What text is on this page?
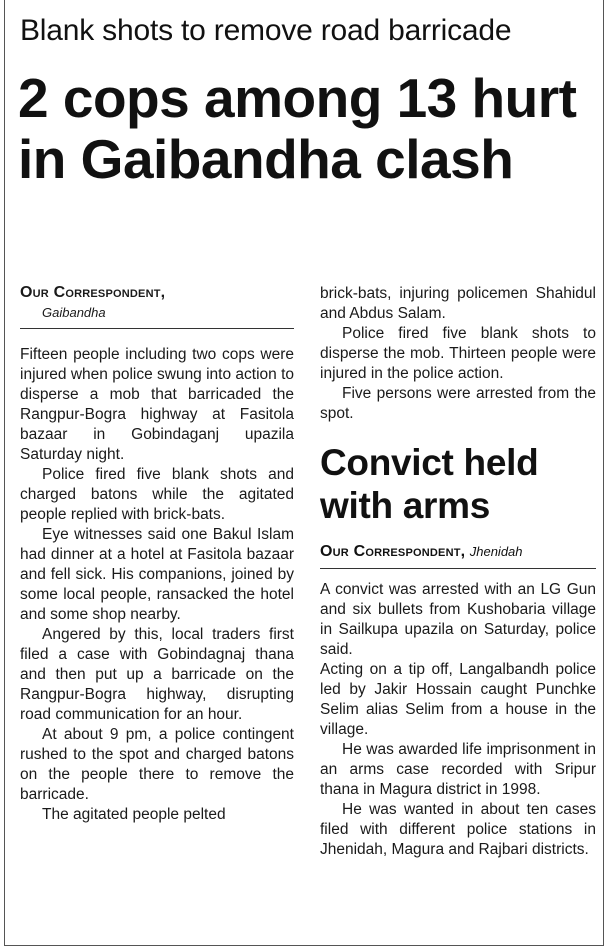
Blank shots to remove road barricade
2 cops among 13 hurt in Gaibandha clash

Our Correspondent,

Gaibandha

Fifteen people including two cops were injured when police swung into action to disperse a mob that barricaded the Rangpur-Bogra highway at Fasitola bazaar in Gobindaganj upazila Saturday night.

Police fired five blank shots and charged batons while the agitated people replied with brick-bats.

Eye witnesses said one Bakul Islam had dinner at a hotel at Fasitola bazaar and fell sick. His companions, joined by some local people, ransacked the hotel and some shop nearby.

Angered by this, local traders first filed a case with Gobindagnaj thana and then put up a barricade on the Rangpur-Bogra highway, disrupting road communication for an hour.

At about 9 pm, a police contingent rushed to the spot and charged batons on the people there to remove the barricade.

The agitated people pelted

brick-bats, injuring policemen Shahidul and Abdus Salam.

Police fired five blank shots to disperse the mob. Thirteen people were injured in the police action.

Five persons were arrested from the spot.

Convict held with arms
Our Correspondent, Jhenidah

A convict was arrested with an LG Gun and six bullets from Kushobaria village in Sailkupa upazila on Saturday, police said.

Acting on a tip off, Langalbandh police led by Jakir Hossain caught Punchke Selim alias Selim from a house in the village.

He was awarded life imprisonment in an arms case recorded with Sripur thana in Magura district in 1998.

He was wanted in about ten cases filed with different police stations in Jhenidah, Magura and Rajbari districts.
